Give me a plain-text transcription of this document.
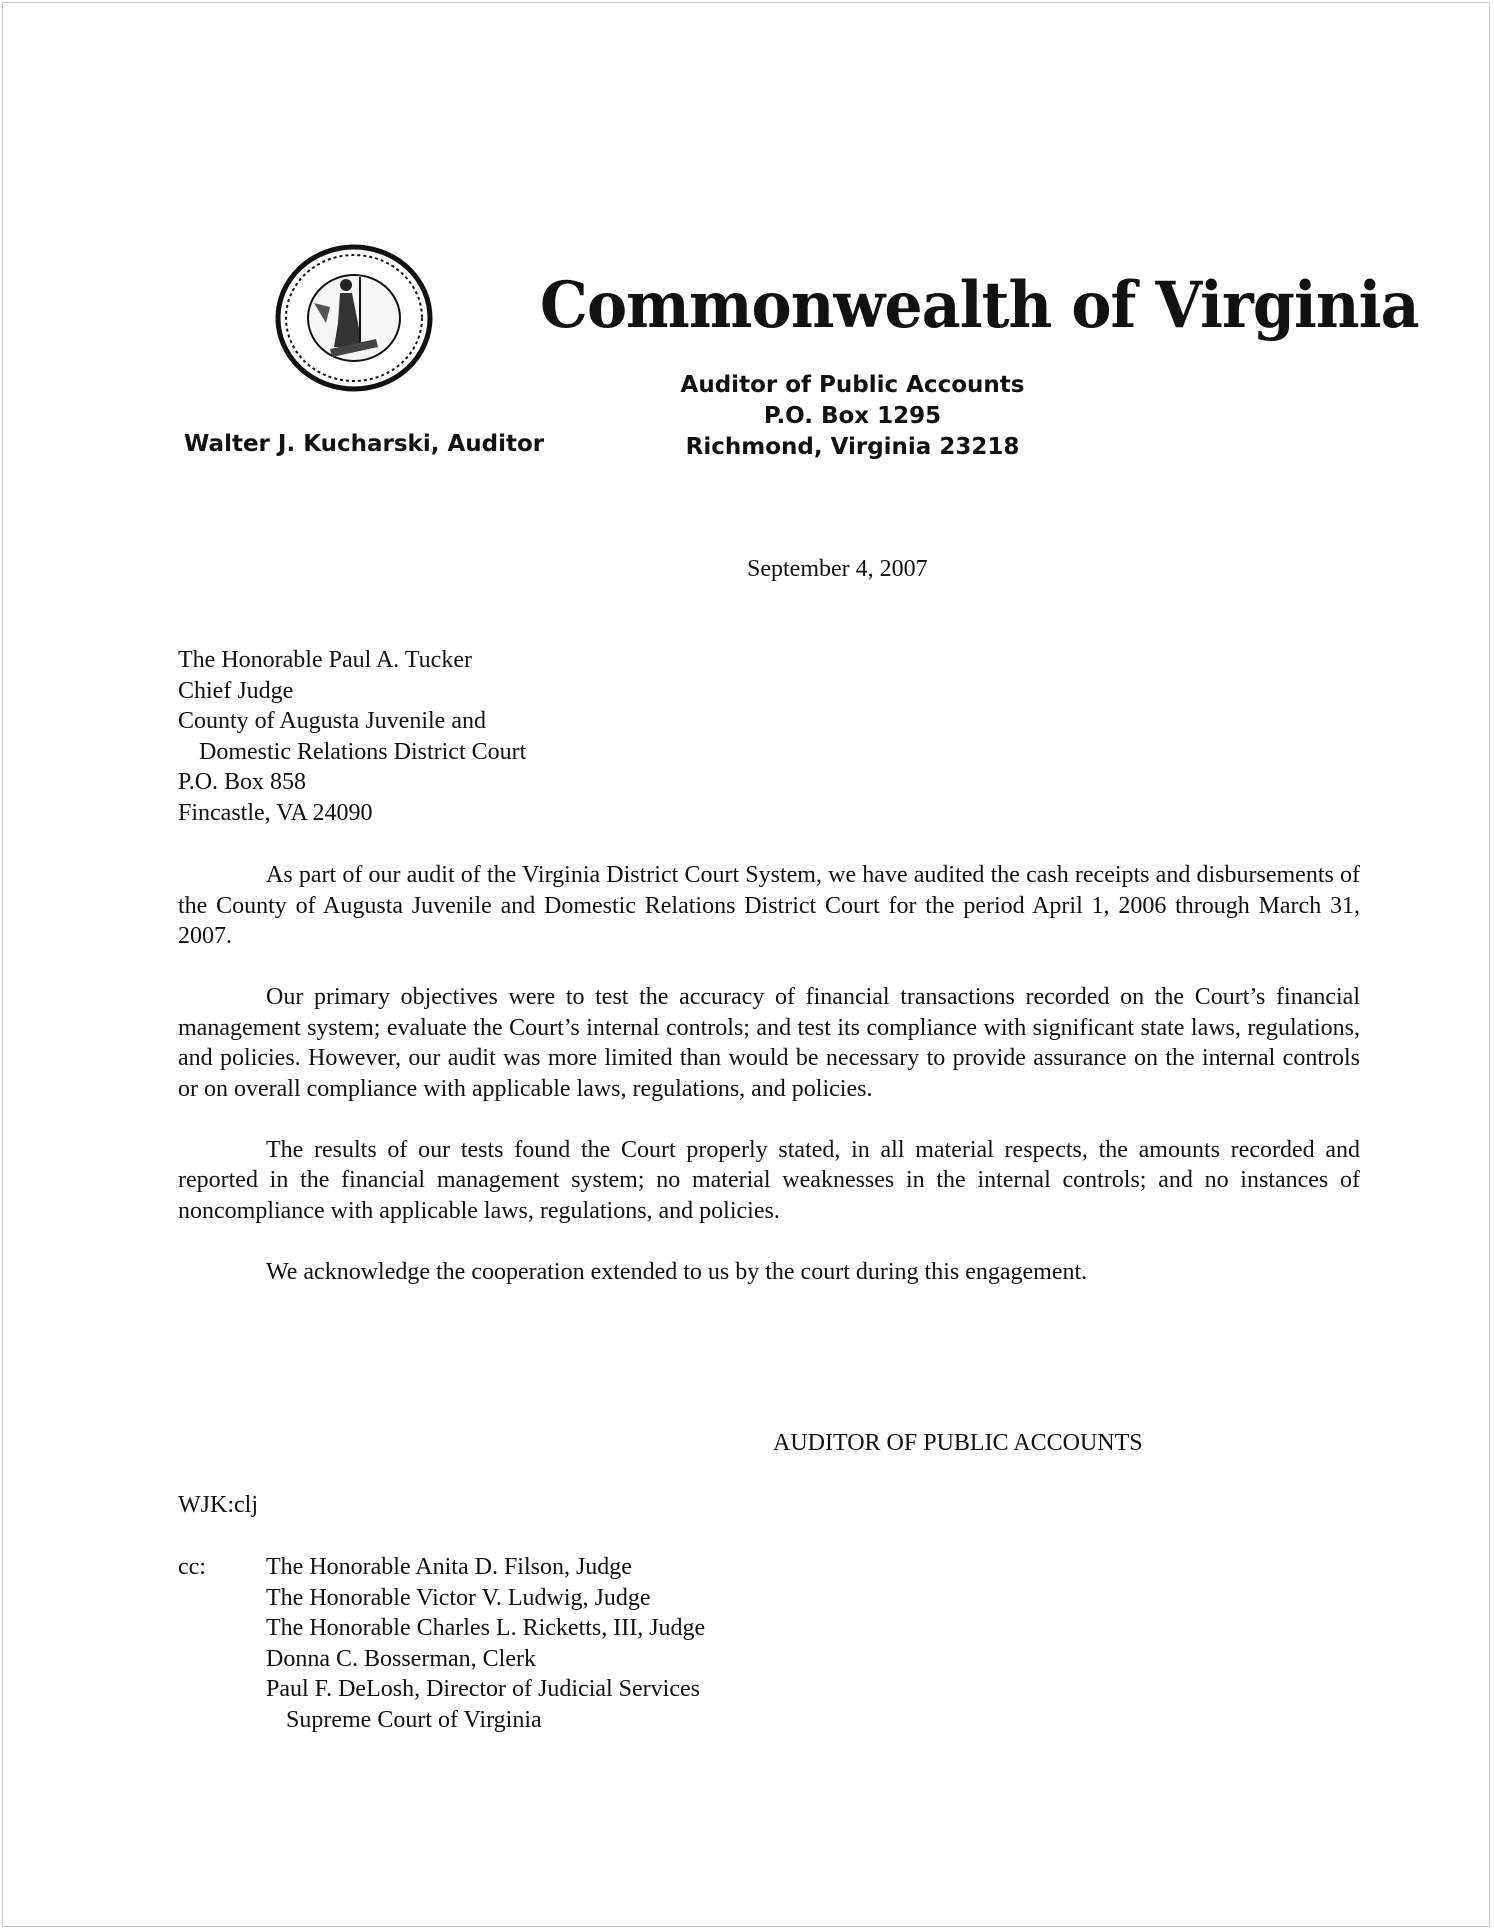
Commonwealth of Virginia
Auditor of Public Accounts
P.O. Box 1295
Richmond, Virginia 23218
Walter J. Kucharski, Auditor
September 4, 2007
The Honorable Paul A. Tucker
Chief Judge
County of Augusta Juvenile and
Domestic Relations District Court
P.O. Box 858
Fincastle, VA 24090

As part of our audit of the Virginia District Court System, we have audited the cash receipts and disbursements of the County of Augusta Juvenile and Domestic Relations District Court for the period April 1, 2006 through March 31, 2007.

Our primary objectives were to test the accuracy of financial transactions recorded on the Court’s financial management system; evaluate the Court’s internal controls; and test its compliance with significant state laws, regulations, and policies. However, our audit was more limited than would be necessary to provide assurance on the internal controls or on overall compliance with applicable laws, regulations, and policies.

The results of our tests found the Court properly stated, in all material respects, the amounts recorded and reported in the financial management system; no material weaknesses in the internal controls; and no instances of noncompliance with applicable laws, regulations, and policies.

We acknowledge the cooperation extended to us by the court during this engagement.

AUDITOR OF PUBLIC ACCOUNTS
WJK:clj
cc:	The Honorable Anita D. Filson, Judge
The Honorable Victor V. Ludwig, Judge
The Honorable Charles L. Ricketts, III, Judge
Donna C. Bosserman, Clerk
Paul F. DeLosh, Director of Judicial Services
Supreme Court of Virginia
